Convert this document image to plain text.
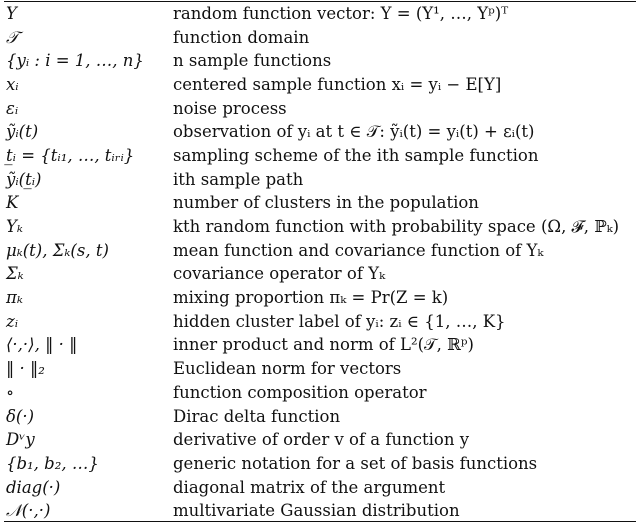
Y	random function vector: Y = (Y¹, …, Yᵖ)ᵀ
𝒯	function domain
{yᵢ : i = 1, …, n}	n sample functions
xᵢ	centered sample function xᵢ = yᵢ − E[Y]
εᵢ	noise process
ỹᵢ(t)	observation of yᵢ at t ∈ 𝒯: ỹᵢ(t) = yᵢ(t) + εᵢ(t)
t̲ᵢ = {tᵢ₁, …, tᵢᵣᵢ}	sampling scheme of the ith sample function
ỹᵢ(t̲ᵢ)	ith sample path
K	number of clusters in the population
Yₖ	kth random function with probability space (Ω, 𝓕, ℙₖ)
μₖ(t), Σₖ(s, t)	mean function and covariance function of Yₖ
Σₖ	covariance operator of Yₖ
πₖ	mixing proportion πₖ = Pr(Z = k)
zᵢ	hidden cluster label of yᵢ: zᵢ ∈ {1, …, K}
⟨·,·⟩, ‖ · ‖	inner product and norm of L²(𝒯, ℝᵖ)
‖ · ‖₂	Euclidean norm for vectors
∘	function composition operator
δ(·)	Dirac delta function
Dᵛy	derivative of order v of a function y
{b₁, b₂, …}	generic notation for a set of basis functions
diag(·)	diagonal matrix of the argument
𝒩(·,·)	multivariate Gaussian distribution
